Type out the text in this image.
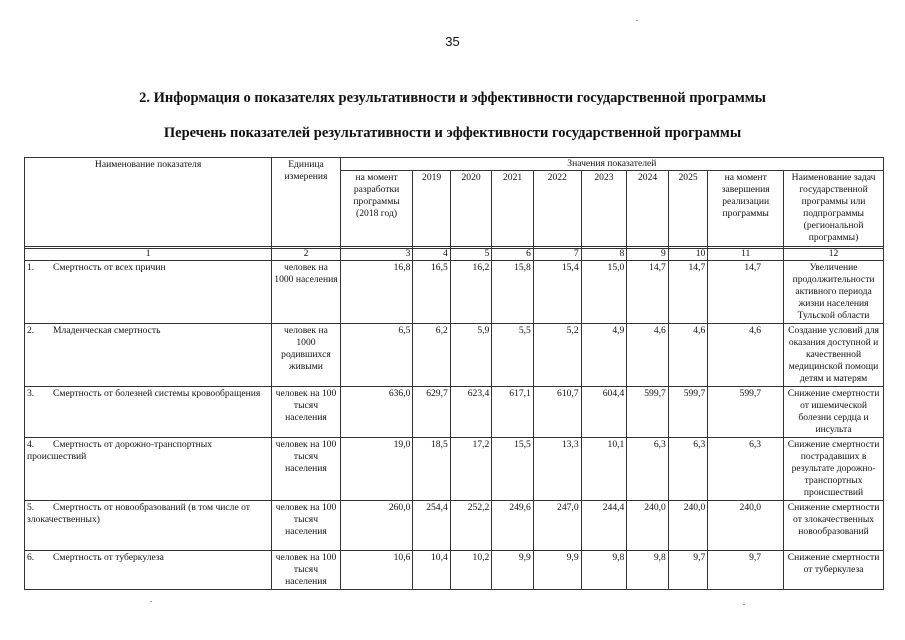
35
2. Информация о показателях результативности и эффективности государственной программы
Перечень показателей результативности и эффективности государственной программы
Наименование показателя	Единица измерения	Значения показателей									
		на момент разработки программы (2018 год)	2019	2020	2021	2022	2023	2024	2025	на момент завершения реализации программы	Наименование задач государственной программы или подпрограммы (региональной программы)

1	2	3	4	5	6	7	8	9	10	11	12
1. Смертность от всех причин	человек на 1000 населения	16,8	16,5	16,2	15,8	15,4	15,0	14,7	14,7	14,7	Увеличение продолжительности активного периода жизни населения Тульской области
2. Младенческая смертность	человек на 1000 родившихся живыми	6,5	6,2	5,9	5,5	5,2	4,9	4,6	4,6	4,6	Создание условий для оказания доступной и качественной медицинской помощи детям и матерям
3. Смертность от болезней системы кровообращения	человек на 100 тысяч населения	636,0	629,7	623,4	617,1	610,7	604,4	599,7	599,7	599,7	Снижение смертности от ишемической болезни сердца и инсульта
4. Смертность от дорожно-транспортных происшествий	человек на 100 тысяч населения	19,0	18,5	17,2	15,5	13,3	10,1	6,3	6,3	6,3	Снижение смертности пострадавших в результате дорожно-транспортных происшествий
5. Смертность от новообразований (в том числе от злокачественных)	человек на 100 тысяч населения	260,0	254,4	252,2	249,6	247,0	244,4	240,0	240,0	240,0	Снижение смертности от злокачественных новообразований
6. Смертность от туберкулеза	человек на 100 тысяч населения	10,6	10,4	10,2	9,9	9,9	9,8	9,8	9,7	9,7	Снижение смертности от туберкулеза
